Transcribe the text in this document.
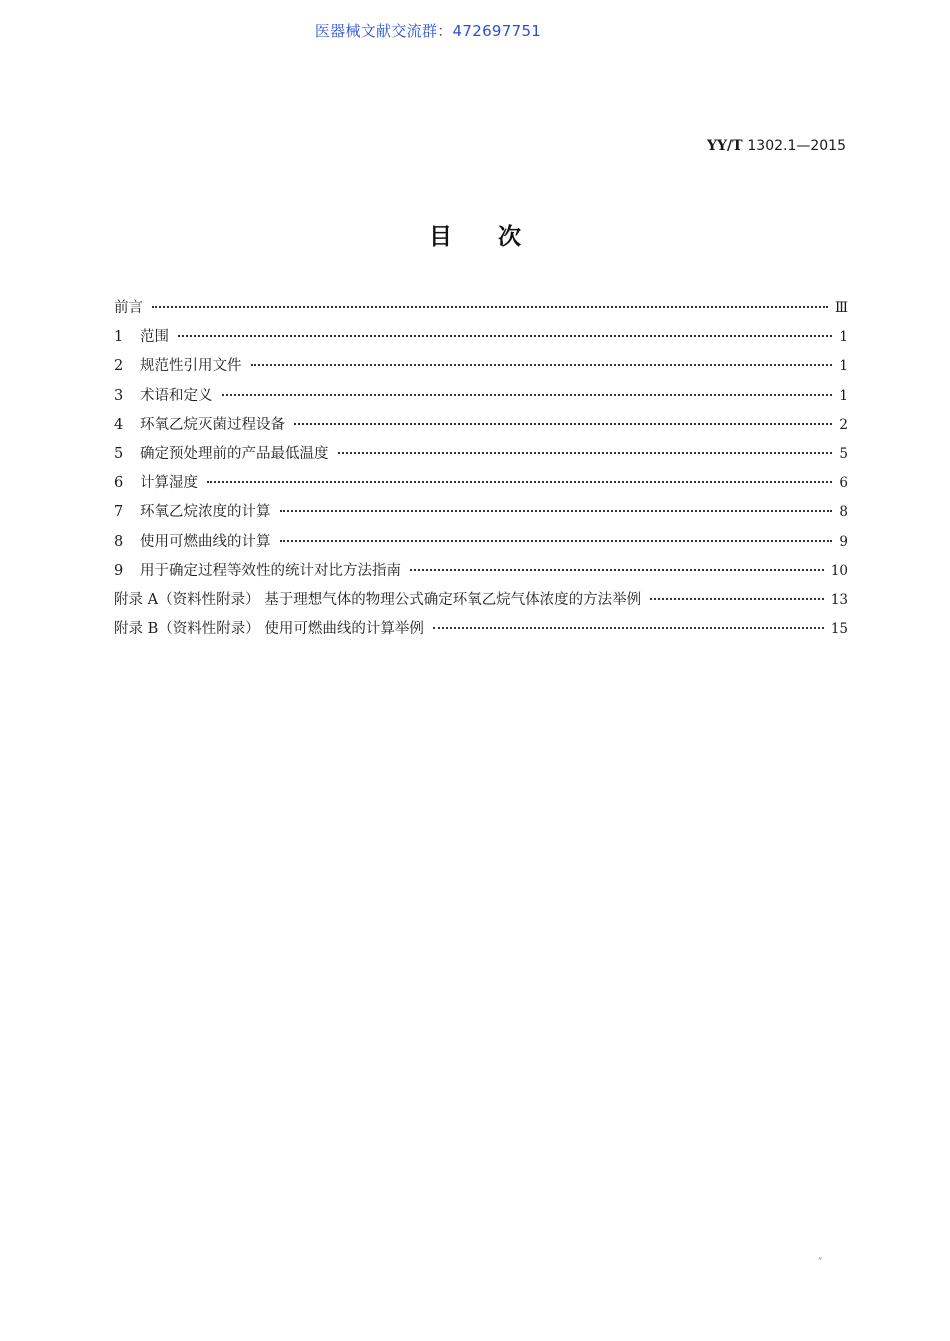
医器械文献交流群：472697751
YY/T 1302.1—2015
目次
前言	Ⅲ
1	范围	1
2	规范性引用文件	1
3	术语和定义	1
4	环氧乙烷灭菌过程设备	2
5	确定预处理前的产品最低温度	5
6	计算湿度	6
7	环氧乙烷浓度的计算	8
8	使用可燃曲线的计算	9
9	用于确定过程等效性的统计对比方法指南	10
附录 A（资料性附录） 基于理想气体的物理公式确定环氧乙烷气体浓度的方法举例	13
附录 B（资料性附录） 使用可燃曲线的计算举例	15
˅
